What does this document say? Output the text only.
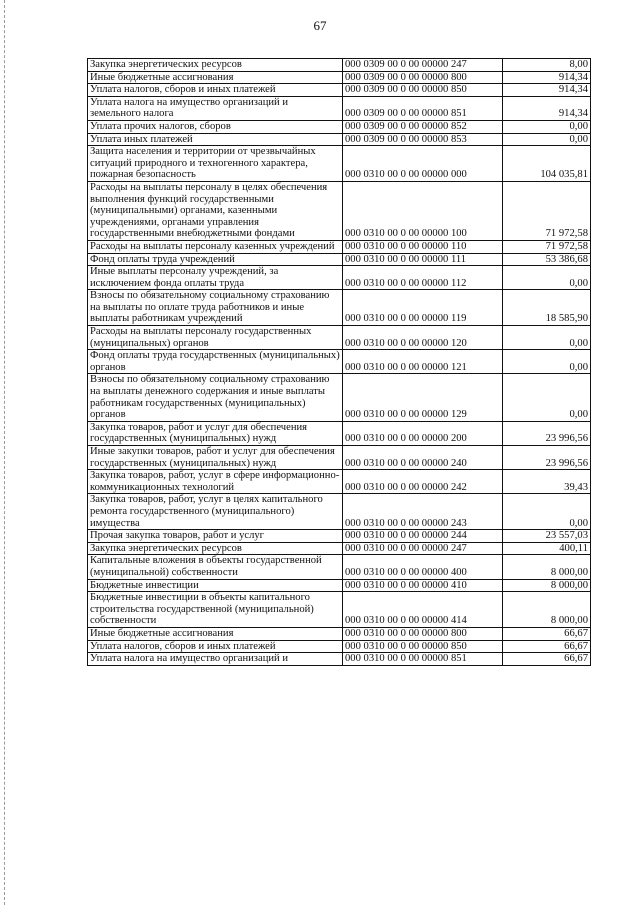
67
Закупка энергетических ресурсов	000 0309 00 0 00 00000 247	8,00
Иные бюджетные ассигнования	000 0309 00 0 00 00000 800	914,34
Уплата налогов, сборов и иных платежей	000 0309 00 0 00 00000 850	914,34
Уплата налога на имущество организаций и земельного налога	000 0309 00 0 00 00000 851	914,34
Уплата прочих налогов, сборов	000 0309 00 0 00 00000 852	0,00
Уплата иных платежей	000 0309 00 0 00 00000 853	0,00
Защита населения и территории от чрезвычайных ситуаций природного и техногенного характера, пожарная безопасность	000 0310 00 0 00 00000 000	104 035,81
Расходы на выплаты персоналу в целях обеспечения выполнения функций государственными (муниципальными) органами, казенными учреждениями, органами управления государственными внебюджетными фондами	000 0310 00 0 00 00000 100	71 972,58
Расходы на выплаты персоналу казенных учреждений	000 0310 00 0 00 00000 110	71 972,58
Фонд оплаты труда учреждений	000 0310 00 0 00 00000 111	53 386,68
Иные выплаты персоналу учреждений, за исключением фонда оплаты труда	000 0310 00 0 00 00000 112	0,00
Взносы по обязательному социальному страхованию на выплаты по оплате труда работников и иные выплаты работникам учреждений	000 0310 00 0 00 00000 119	18 585,90
Расходы на выплаты персоналу государственных (муниципальных) органов	000 0310 00 0 00 00000 120	0,00
Фонд оплаты труда государственных (муниципальных) органов	000 0310 00 0 00 00000 121	0,00
Взносы по обязательному социальному страхованию на выплаты денежного содержания и иные выплаты работникам государственных (муниципальных) органов	000 0310 00 0 00 00000 129	0,00
Закупка товаров, работ и услуг для обеспечения государственных (муниципальных) нужд	000 0310 00 0 00 00000 200	23 996,56
Иные закупки товаров, работ и услуг для обеспечения государственных (муниципальных) нужд	000 0310 00 0 00 00000 240	23 996,56
Закупка товаров, работ, услуг в сфере информационно-коммуникационных технологий	000 0310 00 0 00 00000 242	39,43
Закупка товаров, работ, услуг в целях капитального ремонта государственного (муниципального) имущества	000 0310 00 0 00 00000 243	0,00
Прочая закупка товаров, работ и услуг	000 0310 00 0 00 00000 244	23 557,03
Закупка энергетических ресурсов	000 0310 00 0 00 00000 247	400,11
Капитальные вложения в объекты государственной (муниципальной) собственности	000 0310 00 0 00 00000 400	8 000,00
Бюджетные инвестиции	000 0310 00 0 00 00000 410	8 000,00
Бюджетные инвестиции в объекты капитального строительства государственной (муниципальной) собственности	000 0310 00 0 00 00000 414	8 000,00
Иные бюджетные ассигнования	000 0310 00 0 00 00000 800	66,67
Уплата налогов, сборов и иных платежей	000 0310 00 0 00 00000 850	66,67
Уплата налога на имущество организаций и	000 0310 00 0 00 00000 851	66,67
